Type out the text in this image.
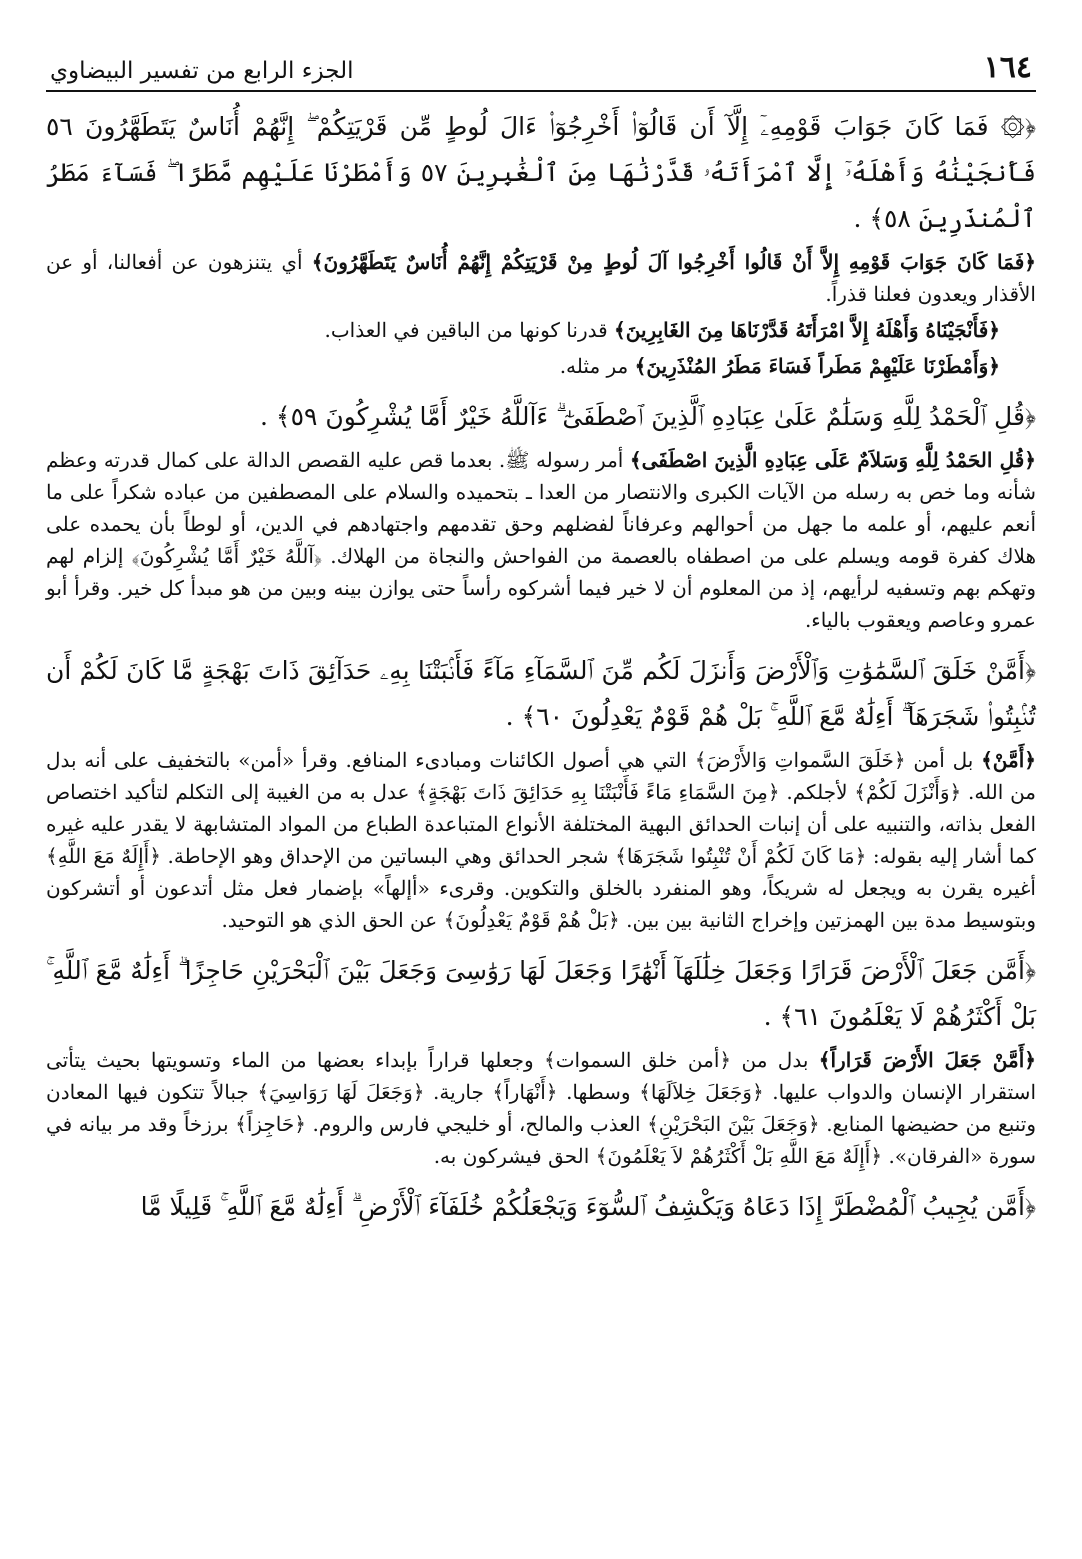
١٦٤
الجزء الرابع من تفسير البيضاوي
﴿۞ فَمَا كَانَ جَوَابَ قَوْمِهِۦٓ إِلَّآ أَن قَالُوٓا۟ أَخْرِجُوٓا۟ ءَالَ لُوطٍ مِّن قَرْيَتِكُمْ ۖ إِنَّهُمْ أُنَاسٌ يَتَطَهَّرُونَ ٥٦ فَأَنجَيْنَٰهُ وَأَهْلَهُۥٓ إِلَّا ٱمْرَأَتَهُۥ قَدَّرْنَٰهَا مِنَ ٱلْغَٰبِرِينَ ٥٧ وَأَمْطَرْنَا عَلَيْهِم مَّطَرًا ۖ فَسَآءَ مَطَرُ ٱلْمُنذَرِينَ ٥٨﴾ .
﴿فَمَا كَانَ جَوَابَ قَوْمِهِ إِلاَّ أَنْ قَالُوا أَخْرِجُوا آلَ لُوطٍ مِنْ قَرْيَتِكُمْ إِنَّهُمْ أُنَاسٌ يَتَطَهَّرُونَ﴾ أي يتنزهون عن أفعالنا، أو عن الأقذار ويعدون فعلنا قذراً.
﴿فَأَنْجَيْنَاهُ وَأَهْلَهُ إِلاَّ امْرَأَتَهُ قَدَّرْنَاهَا مِنَ الغَابِرِينَ﴾ قدرنا كونها من الباقين في العذاب.
﴿وَأَمْطَرْنَا عَلَيْهِمْ مَطَراً فَسَاءَ مَطَرُ المُنْذَرِينَ﴾ مر مثله.
﴿قُلِ ٱلْحَمْدُ لِلَّهِ وَسَلَٰمٌ عَلَىٰ عِبَادِهِ ٱلَّذِينَ ٱصْطَفَىٰٓ ۗ ءَآللَّهُ خَيْرٌ أَمَّا يُشْرِكُونَ ٥٩﴾ .
﴿قُلِ الحَمْدُ لِلَّهِ وَسَلاَمٌ عَلَى عِبَادِهِ الَّذِينَ اصْطَفَى﴾ أمر رسوله ﷺ. بعدما قص عليه القصص الدالة على كمال قدرته وعظم شأنه وما خص به رسله من الآيات الكبرى والانتصار من العدا ـ بتحميده والسلام على المصطفين من عباده شكراً على ما أنعم عليهم، أو علمه ما جهل من أحوالهم وعرفاناً لفضلهم وحق تقدمهم واجتهادهم في الدين، أو لوطاً بأن يحمده على هلاك كفرة قومه ويسلم على من اصطفاه بالعصمة من الفواحش والنجاة من الهلاك. ﴿آللَّهُ خَيْرٌ أَمَّا يُشْرِكُونَ﴾ إلزام لهم وتهكم بهم وتسفيه لرأيهم، إذ من المعلوم أن لا خير فيما أشركوه رأساً حتى يوازن بينه وبين من هو مبدأ كل خير. وقرأ أبو عمرو وعاصم ويعقوب بالياء.
﴿أَمَّنْ خَلَقَ ٱلسَّمَٰوَٰتِ وَٱلْأَرْضَ وَأَنزَلَ لَكُم مِّنَ ٱلسَّمَآءِ مَآءً فَأَنۢبَتْنَا بِهِۦ حَدَآئِقَ ذَاتَ بَهْجَةٍ مَّا كَانَ لَكُمْ أَن تُنۢبِتُوا۟ شَجَرَهَآ ۗ أَءِلَٰهٌ مَّعَ ٱللَّهِ ۚ بَلْ هُمْ قَوْمٌ يَعْدِلُونَ ٦٠﴾ .
﴿أَمَّنْ﴾ بل أمن ﴿خَلَقَ السَّمواتِ وَالأَرْضَ﴾ التي هي أصول الكائنات ومبادىء المنافع. وقرأ «أمن» بالتخفيف على أنه بدل من الله. ﴿وَأَنْزَلَ لَكُمْ﴾ لأجلكم. ﴿مِنَ السَّمَاءِ مَاءً فَأَنْبَتْنَا بِهِ حَدَائِقَ ذَاتَ بَهْجَةٍ﴾ عدل به من الغيبة إلى التكلم لتأكيد اختصاص الفعل بذاته، والتنبيه على أن إنبات الحدائق البهية المختلفة الأنواع المتباعدة الطباع من المواد المتشابهة لا يقدر عليه غيره كما أشار إليه بقوله: ﴿مَا كَانَ لَكُمْ أَنْ تُنْبِتُوا شَجَرَهَا﴾ شجر الحدائق وهي البساتين من الإحداق وهو الإحاطة. ﴿أَإِلَهٌ مَعَ اللَّهِ﴾ أغيره يقرن به ويجعل له شريكاً، وهو المنفرد بالخلق والتكوين. وقرىء «أإلهاً» بإضمار فعل مثل أتدعون أو أتشركون وبتوسيط مدة بين الهمزتين وإخراج الثانية بين بين. ﴿بَلْ هُمْ قَوْمٌ يَعْدِلُونَ﴾ عن الحق الذي هو التوحيد.
﴿أَمَّن جَعَلَ ٱلْأَرْضَ قَرَارًا وَجَعَلَ خِلَٰلَهَآ أَنْهَٰرًا وَجَعَلَ لَهَا رَوَٰسِىَ وَجَعَلَ بَيْنَ ٱلْبَحْرَيْنِ حَاجِزًا ۗ أَءِلَٰهٌ مَّعَ ٱللَّهِ ۚ بَلْ أَكْثَرُهُمْ لَا يَعْلَمُونَ ٦١﴾ .
﴿أَمَّنْ جَعَلَ الأَرْضَ قَرَاراً﴾ بدل من ﴿أمن خلق السموات﴾ وجعلها قراراً بإبداء بعضها من الماء وتسويتها بحيث يتأتى استقرار الإنسان والدواب عليها. ﴿وَجَعَلَ خِلاَلَهَا﴾ وسطها. ﴿أَنْهَاراً﴾ جارية. ﴿وَجَعَلَ لَهَا رَوَاسِيَ﴾ جبالاً تتكون فيها المعادن وتنبع من حضيضها المنابع. ﴿وَجَعَلَ بَيْنَ البَحْرَيْنِ﴾ العذب والمالح، أو خليجي فارس والروم. ﴿حَاجِزاً﴾ برزخاً وقد مر بيانه في سورة «الفرقان». ﴿أَإِلَهٌ مَعَ اللَّهِ بَلْ أَكْثَرُهُمْ لاَ يَعْلَمُونَ﴾ الحق فيشركون به.
﴿أَمَّن يُجِيبُ ٱلْمُضْطَرَّ إِذَا دَعَاهُ وَيَكْشِفُ ٱلسُّوٓءَ وَيَجْعَلُكُمْ خُلَفَآءَ ٱلْأَرْضِ ۗ أَءِلَٰهٌ مَّعَ ٱللَّهِ ۚ قَلِيلًا مَّا
